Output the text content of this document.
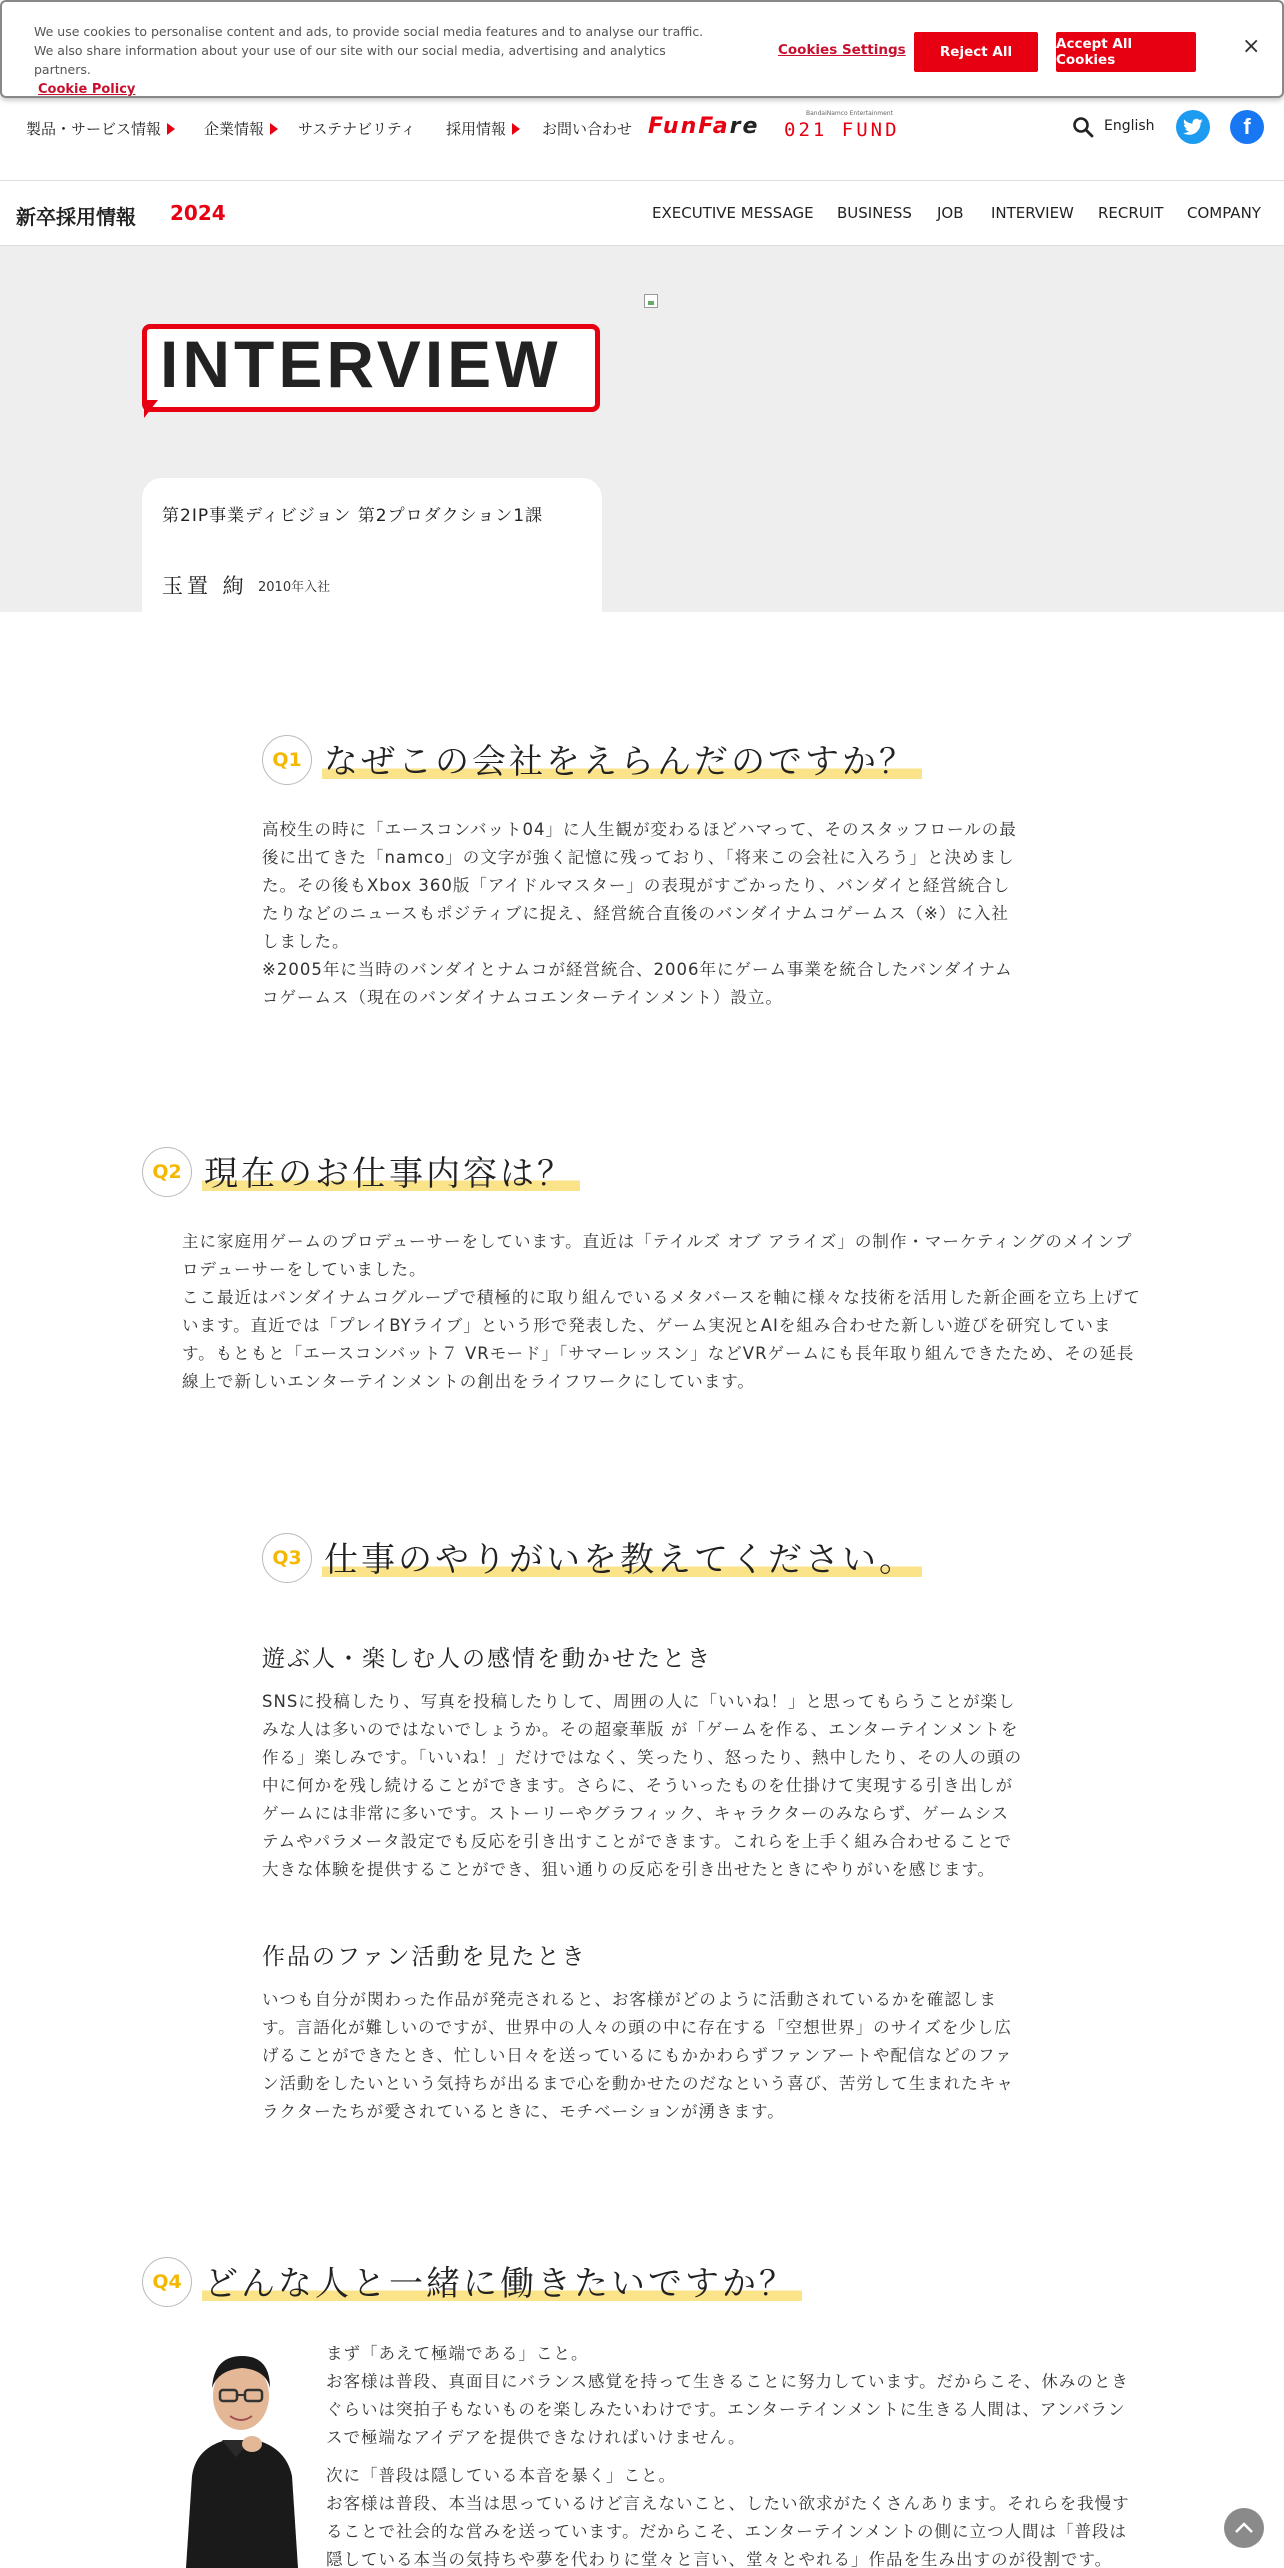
We use cookies to personalise content and ads, to provide social media features and to analyse our traffic. We also share information about your use of our site with our social media, advertising and analytics partners.
Cookie Policy
Cookies Settings	Reject All	Accept All Cookies
×
製品・サービス情報	企業情報 サステナビリティ 採用情報 お問い合わせ FunFare
BandaiNamco Entertainment
021 FUND	English	f
新卒採用情報 2024	EXECUTIVE MESSAGE BUSINESS JOB INTERVIEW RECRUIT COMPANY
INTERVIEW
第2IP事業ディビジョン 第2プロダクション1課
玉置 絢 2010年入社
Q1 なぜこの会社をえらんだのですか？
高校生の時に「エースコンバット04」に人生観が変わるほどハマって、そのスタッフロールの最後に出てきた「namco」の文字が強く記憶に残っており、「将来この会社に入ろう」と決めました。その後もXbox 360版「アイドルマスター」の表現がすごかったり、バンダイと経営統合したりなどのニュースもポジティブに捉え、経営統合直後のバンダイナムコゲームス（※）に入社しました。
※2005年に当時のバンダイとナムコが経営統合、2006年にゲーム事業を統合したバンダイナムコゲームス（現在のバンダイナムコエンターテインメント）設立。
Q2 現在のお仕事内容は？
主に家庭用ゲームのプロデューサーをしています。直近は「テイルズ オブ アライズ」の制作・マーケティングのメインプロデューサーをしていました。
ここ最近はバンダイナムコグループで積極的に取り組んでいるメタバースを軸に様々な技術を活用した新企画を立ち上げています。直近では「プレイBYライブ」という形で発表した、ゲーム実況とAIを組み合わせた新しい遊びを研究しています。もともと「エースコンバット７ VRモード」「サマーレッスン」などVRゲームにも長年取り組んできたため、その延長線上で新しいエンターテインメントの創出をライフワークにしています。
Q3 仕事のやりがいを教えてください。
遊ぶ人・楽しむ人の感情を動かせたとき
SNSに投稿したり、写真を投稿したりして、周囲の人に「いいね！」と思ってもらうことが楽しみな人は多いのではないでしょうか。その超豪華版 が「ゲームを作る、エンターテインメントを作る」楽しみです。「いいね！」だけではなく、笑ったり、怒ったり、熱中したり、その人の頭の中に何かを残し続けることができます。さらに、そういったものを仕掛けて実現する引き出しがゲームには非常に多いです。ストーリーやグラフィック、キャラクターのみならず、ゲームシステムやパラメータ設定でも反応を引き出すことができます。これらを上手く組み合わせることで大きな体験を提供することができ、狙い通りの反応を引き出せたときにやりがいを感じます。
作品のファン活動を見たとき
いつも自分が関わった作品が発売されると、お客様がどのように活動されているかを確認します。言語化が難しいのですが、世界中の人々の頭の中に存在する「空想世界」のサイズを少し広げることができたとき、忙しい日々を送っているにもかかわらずファンアートや配信などのファン活動をしたいという気持ちが出るまで心を動かせたのだなという喜び、苦労して生まれたキャラクターたちが愛されているときに、モチベーションが湧きます。
Q4 どんな人と一緒に働きたいですか？
まず「あえて極端である」こと。
お客様は普段、真面目にバランス感覚を持って生きることに努力しています。だからこそ、休みのときぐらいは突拍子もないものを楽しみたいわけです。エンターテインメントに生きる人間は、アンバランスで極端なアイデアを提供できなければいけません。
次に「普段は隠している本音を暴く」こと。
お客様は普段、本当は思っているけど言えないこと、したい欲求がたくさんあります。それらを我慢することで社会的な営みを送っています。だからこそ、エンターテインメントの側に立つ人間は「普段は隠している本当の気持ちや夢を代わりに堂々と言い、堂々とやれる」作品を生み出すのが役割です。
